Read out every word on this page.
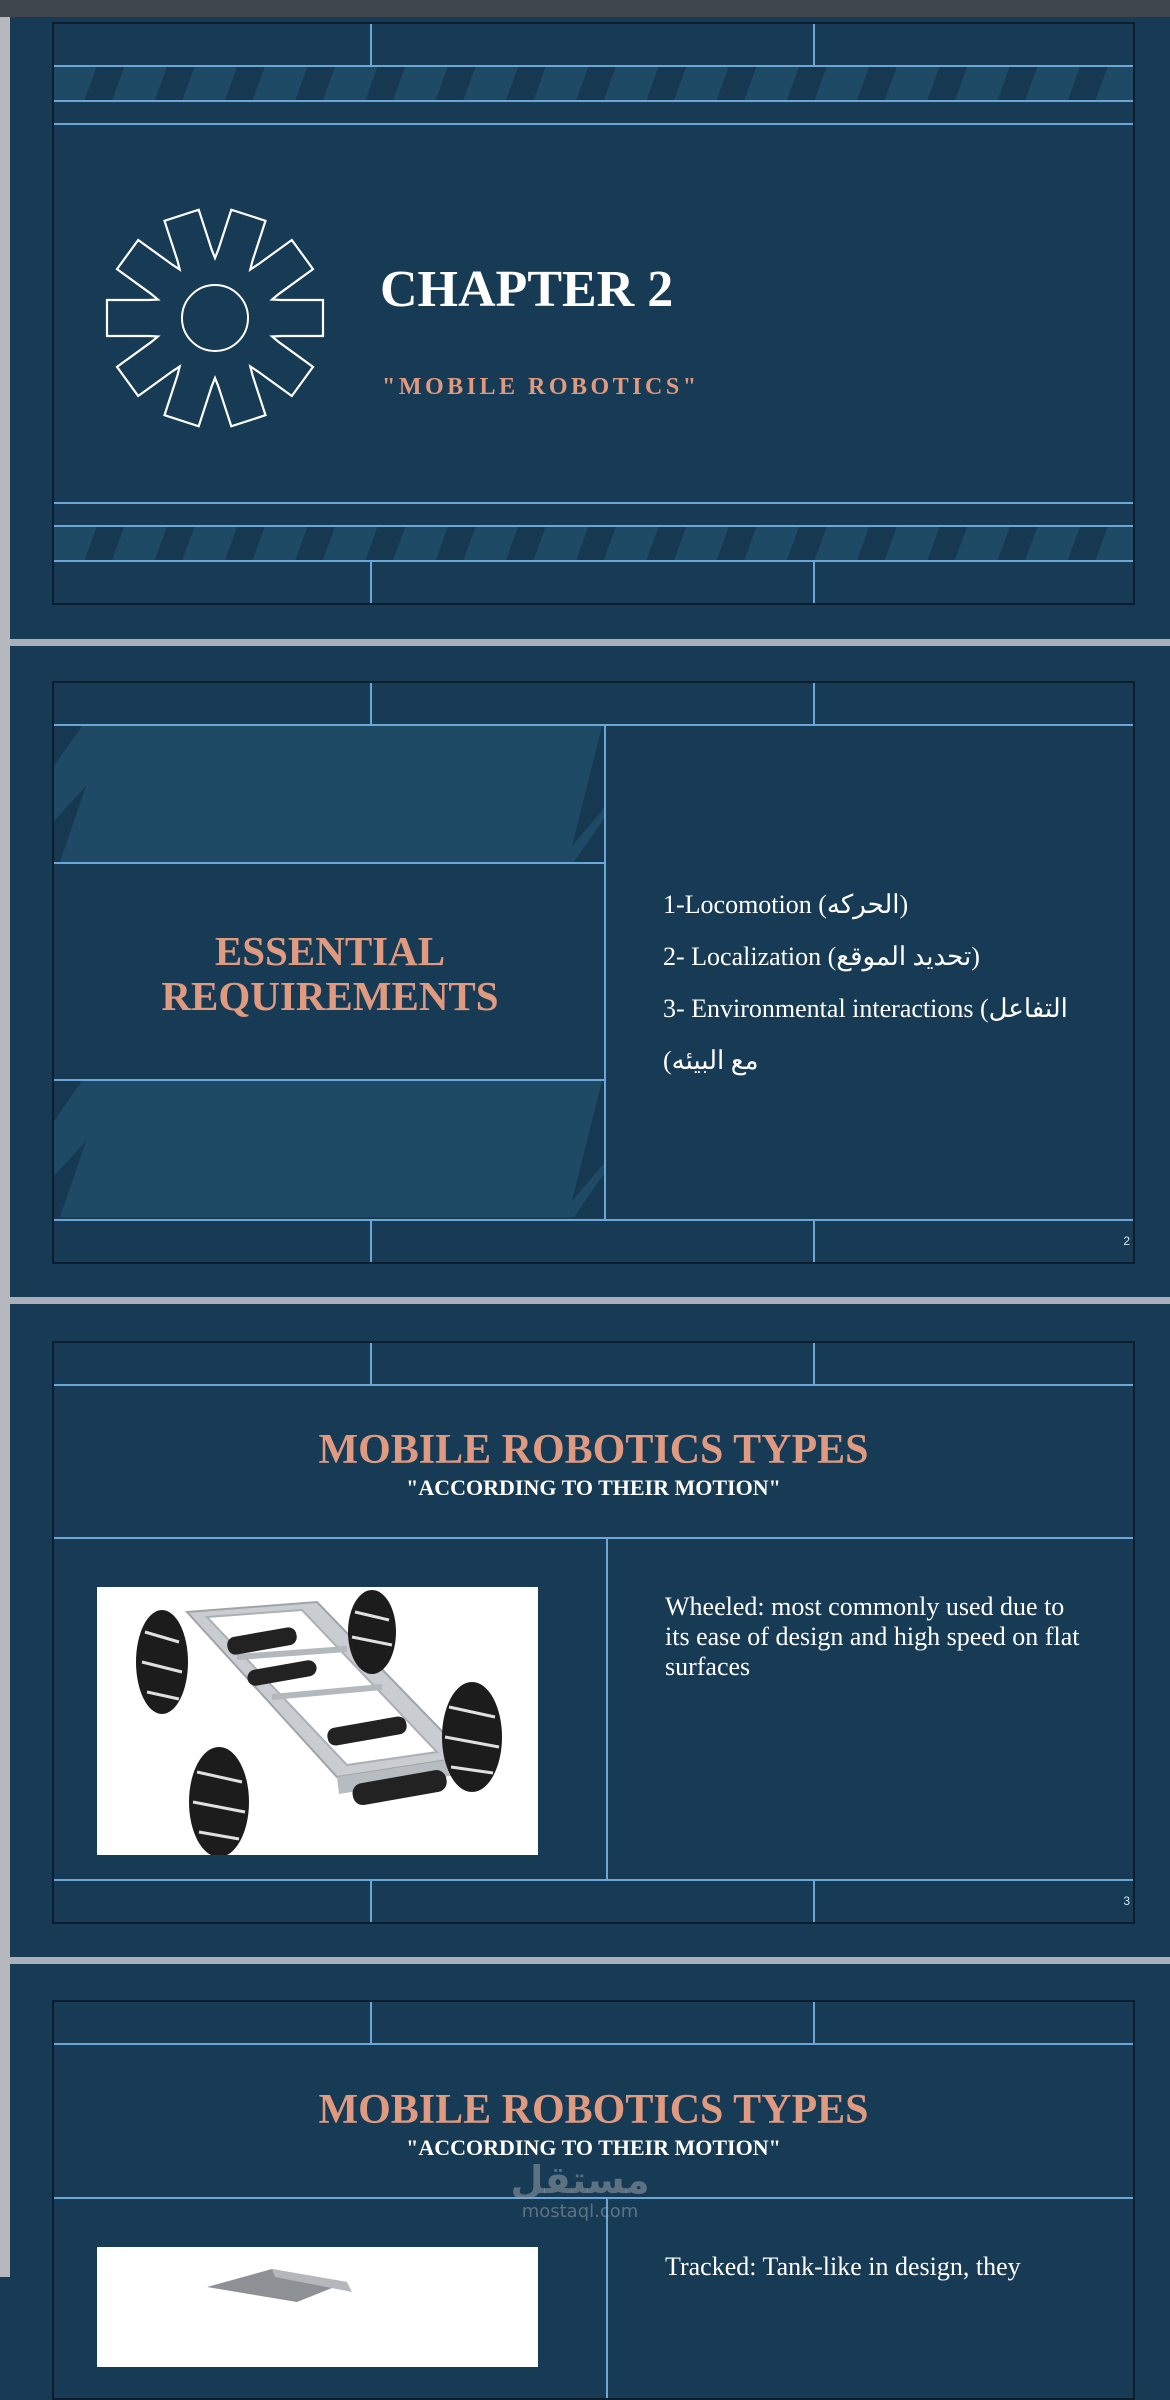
CHAPTER 2
"MOBILE ROBOTICS"
ESSENTIAL
REQUIREMENTS
1-Locomotion (الحركه)
2- Localization (تحديد الموقع)
3- Environmental interactions (التفاعل
مع البيئه)
2
MOBILE ROBOTICS TYPES
"ACCORDING TO THEIR MOTION"
Wheeled: most commonly used due to its ease of design and high speed on flat surfaces
3
MOBILE ROBOTICS TYPES
"ACCORDING TO THEIR MOTION"
Tracked: Tank-like in design, they
مستقل
mostaql.com
